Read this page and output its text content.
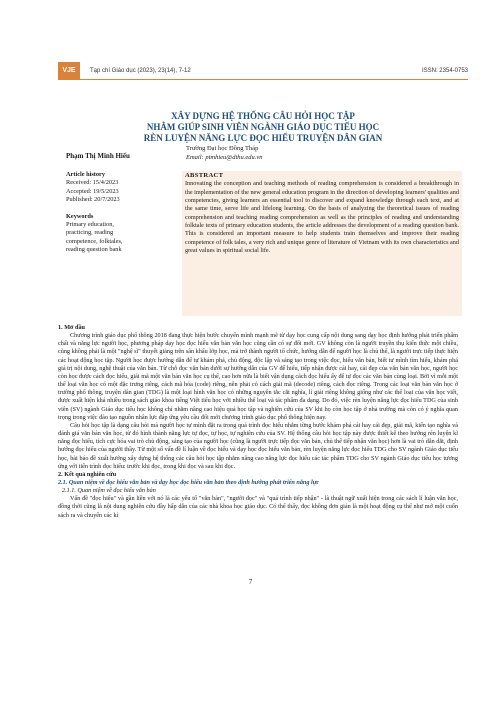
VJE	Tạp chí Giáo dục (2023), 23(14), 7-12	ISSN: 2354-0753
XÂY DỰNG HỆ THỐNG CÂU HỎI HỌC TẬP
NHẰM GIÚP SINH VIÊN NGÀNH GIÁO DỤC TIỂU HỌC
RÈN LUYỆN NĂNG LỰC ĐỌC HIỂU TRUYỆN DÂN GIAN
Phạm Thị Minh Hiếu
Trường Đại học Đồng Tháp
Email: ptmhieu@dthu.edu.vn
Article history
Received: 15/4/2023
Accepted: 19/5/2023
Published: 20/7/2023
Keywords
Primary education,
practicing, reading
competence, folktales,
reading question bank
ABSTRACT

Innovating the conception and teaching methods of reading comprehension is considered a breakthrough in the implementation of the new general education program in the direction of developing learners' qualities and competencies, giving learners an essential tool to discover and expand knowledge through each text, and at the same time, serve life and lifelong learning. On the basis of analyzing the theoretical issues of reading comprehension and teaching reading comprehension as well as the principles of reading and understanding folktale texts of primary education students, the article addresses the development of a reading question bank. This is considered an important measure to help students train themselves and improve their reading competence of folk tales, a very rich and unique genre of literature of Vietnam with its own characteristics and great values in spiritual social life.

1. Mở đầu

Chương trình giáo dục phổ thông 2018 đang thực hiện bước chuyển mình mạnh mẽ từ dạy học cung cấp nội dung sang dạy học định hướng phát triển phẩm chất và năng lực người học, phương pháp dạy học đọc hiểu văn bản văn học cũng cần có sự đổi mới. GV không còn là người truyền thụ kiến thức một chiều, cũng không phải là một "nghệ sĩ" thuyết giảng trên sân khấu lớp học, mà trở thành người tổ chức, hướng dẫn để người học là chủ thể, là người trực tiếp thực hiện các hoạt động học tập. Người học được hướng dẫn để tự khám phá, chủ động, độc lập và sáng tạo trong việc đọc, hiểu văn bản, biết tư mình tìm hiểu, khám phá giá trị nội dung, nghệ thuật của văn bản. Từ chỗ đọc văn bản dưới sự hướng dẫn của GV để hiểu, tiếp nhận được cái hay, cái đẹp của văn bản văn học, người học còn học được cách đọc hiểu, giải mã một văn bản văn học cụ thể, cao hơn nữa là biết vận dụng cách đọc hiểu ấy để tự đọc các văn bản cùng loại. Bởi vì mỗi một thể loại văn học có một đặc trưng riêng, cách mã hóa (code) riêng, nên phải có cách giải mã (decode) riêng, cách đọc riêng. Trong các loại văn bản văn học ở trường phổ thông, truyện dân gian (TDG) là một loại hình văn học có những nguyên tắc cắt nghĩa, lí giải riêng không giống như các thể loại của văn học viết, được xuất hiện khá nhiều trong sách giáo khoa tiếng Việt tiểu học với nhiều thể loại và tác phẩm đa dạng. Do đó, việc rèn luyện năng lực đọc hiểu TDG của sinh viên (SV) ngành Giáo dục tiểu học không chỉ nhằm nâng cao hiệu quả học tập và nghiên cứu của SV khi họ còn học tập ở nhà trường mà còn có ý nghĩa quan trọng trong việc đào tạo nguồn nhân lực đáp ứng yêu cầu đổi mới chương trình giáo dục phổ thông hiện nay.

Câu hỏi học tập là dạng câu hỏi mà người học tự mình đặt ra trong quá trình đọc hiểu nhằm từng bước khám phá cái hay cái đẹp, giải mã, kiến tạo nghĩa và đánh giá văn bản văn học, từ đó hình thành năng lực tự đọc, tự học, tự nghiên cứu của SV. Hệ thống câu hỏi học tập này được thiết kế theo hướng rèn luyện kĩ năng đọc hiểu, tích cực hóa vai trò chủ động, sáng tạo của người học (cũng là người trực tiếp đọc văn bản, chủ thể tiếp nhận văn học) hơn là vai trò dẫn dắt, định hướng đọc hiểu của người thầy. Từ một số vấn đề lí luận về đọc hiểu và dạy học đọc hiểu văn bản, rèn luyện năng lực đọc hiểu TDG cho SV ngành Giáo dục tiểu học, bài báo đề xuất hướng xây dựng hệ thống các câu hỏi học tập nhằm nâng cao năng lực đọc hiểu các tác phẩm TDG cho SV ngành Giáo dục tiểu học tương ứng với tiến trình đọc hiểu: trước khi đọc, trong khi đọc và sau khi đọc.

2. Kết quả nghiên cứu
2.1. Quan niệm về đọc hiểu văn bản và dạy học đọc hiểu văn bản theo định hướng phát triển năng lực
2.1.1. Quan niệm về đọc hiểu văn bản

Vấn đề "đọc hiểu" và gần liền với nó là các yếu tố "văn bản", "người đọc" và "quá trình tiếp nhận" - là thuật ngữ xuất hiện trong các sách lí luận văn học, đồng thời cũng là nội dung nghiên cứu đầy hấp dẫn của các nhà khoa học giáo dục. Có thể thấy, đọc không đơn giản là một hoạt động cụ thể như mở một cuốn sách ra và chuyển các kí

7
